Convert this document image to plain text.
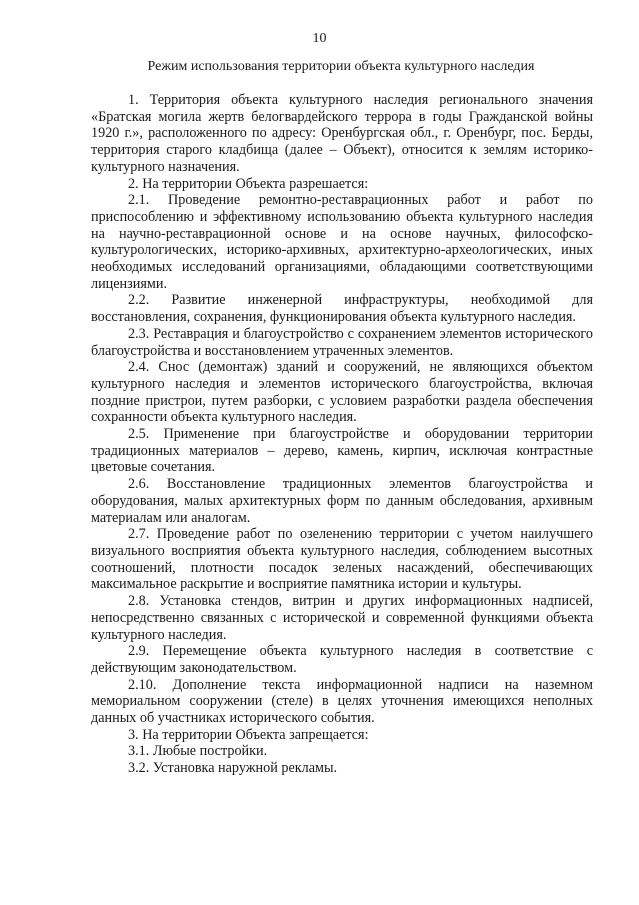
10
Режим использования территории объекта культурного наследия

1. Территория объекта культурного наследия регионального значения «Братская могила жертв белогвардейского террора в годы Гражданской войны 1920 г.», расположенного по адресу: Оренбургская обл., г. Оренбург, пос. Берды, территория старого кладбища (далее – Объект), относится к землям историко-культурного назначения.

2. На территории Объекта разрешается:

2.1. Проведение ремонтно-реставрационных работ и работ по приспособлению и эффективному использованию объекта культурного наследия на научно-реставрационной основе и на основе научных, философско-культурологических, историко-архивных, архитектурно-археологических, иных необходимых исследований организациями, обладающими соответствующими лицензиями.

2.2. Развитие инженерной инфраструктуры, необходимой для восстановления, сохранения, функционирования объекта культурного наследия.

2.3. Реставрация и благоустройство с сохранением элементов исторического благоустройства и восстановлением утраченных элементов.

2.4. Снос (демонтаж) зданий и сооружений, не являющихся объектом культурного наследия и элементов исторического благоустройства, включая поздние пристрои, путем разборки, с условием разработки раздела обеспечения сохранности объекта культурного наследия.

2.5. Применение при благоустройстве и оборудовании территории традиционных материалов – дерево, камень, кирпич, исключая контрастные цветовые сочетания.

2.6. Восстановление традиционных элементов благоустройства и оборудования, малых архитектурных форм по данным обследования, архивным материалам или аналогам.

2.7. Проведение работ по озеленению территории с учетом наилучшего визуального восприятия объекта культурного наследия, соблюдением высотных соотношений, плотности посадок зеленых насаждений, обеспечивающих максимальное раскрытие и восприятие памятника истории и культуры.

2.8. Установка стендов, витрин и других информационных надписей, непосредственно связанных с исторической и современной функциями объекта культурного наследия.

2.9. Перемещение объекта культурного наследия в соответствие с действующим законодательством.

2.10. Дополнение текста информационной надписи на наземном мемориальном сооружении (стеле) в целях уточнения имеющихся неполных данных об участниках исторического события.

3. На территории Объекта запрещается:

3.1. Любые постройки.

3.2. Установка наружной рекламы.
